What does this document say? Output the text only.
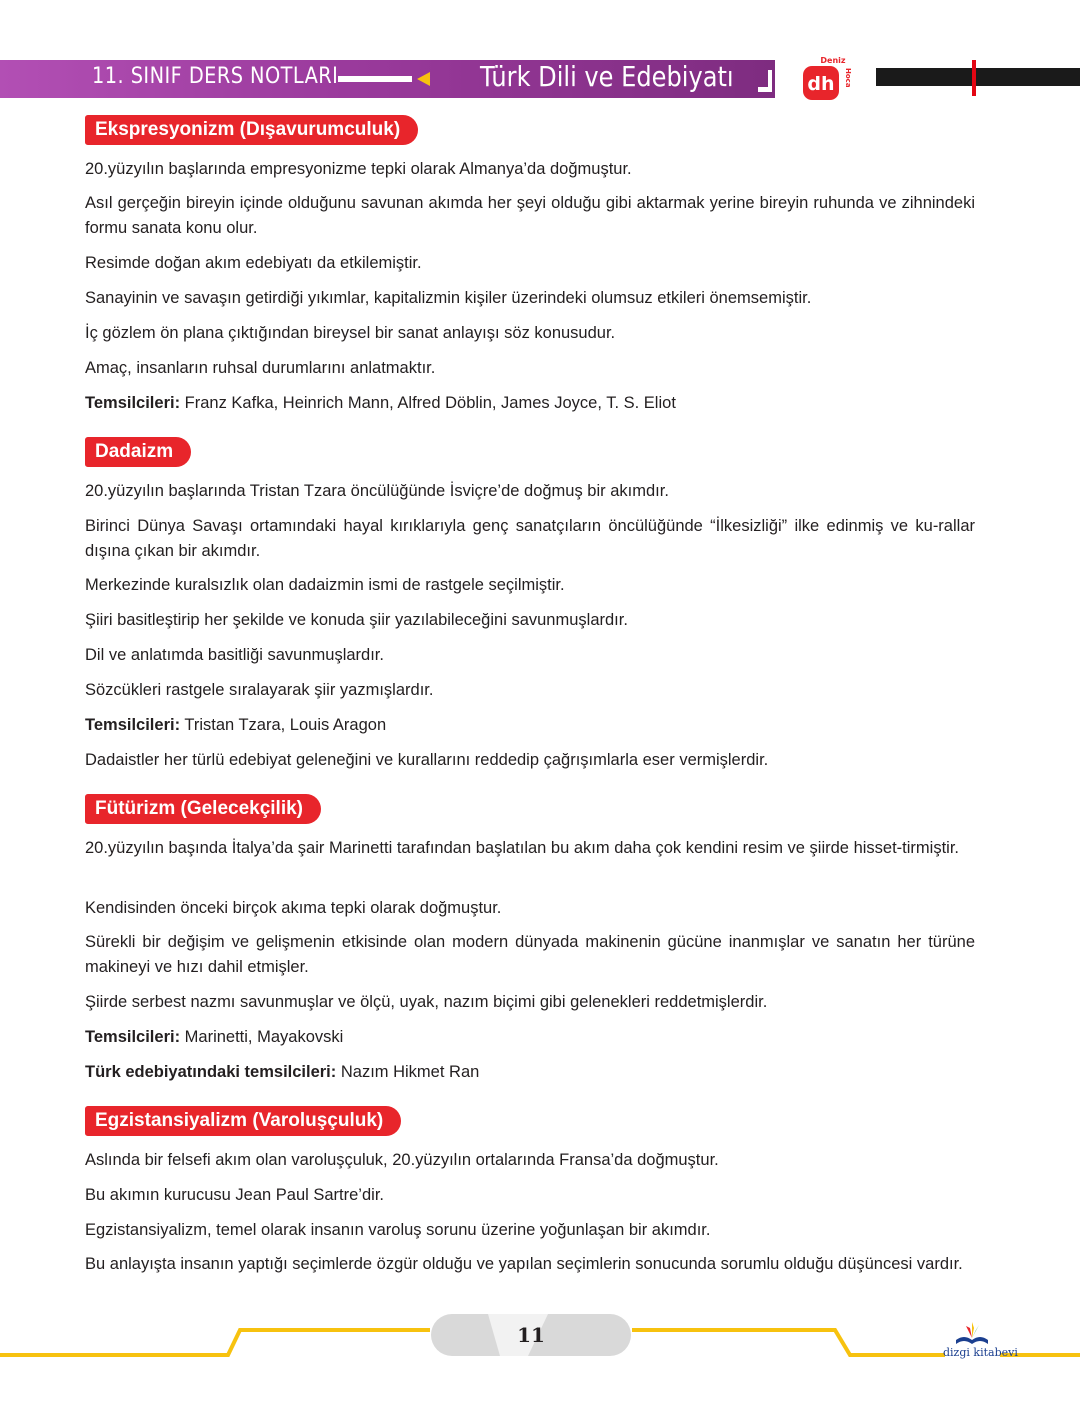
11. SINIF DERS NOTLARI	Türk Dili ve Edebiyatı	dh
Deniz
Hoca
Ekspresyonizm (Dışavurumculuk)
20.yüzyılın başlarında empresyonizme tepki olarak Almanya’da doğmuştur.
Asıl gerçeğin bireyin içinde olduğunu savunan akımda her şeyi olduğu gibi aktarmak yerine bireyin ruhunda ve zihnindeki formu sanata konu olur.
Resimde doğan akım edebiyatı da etkilemiştir.
Sanayinin ve savaşın getirdiği yıkımlar, kapitalizmin kişiler üzerindeki olumsuz etkileri önemsemiştir.
İç gözlem ön plana çıktığından bireysel bir sanat anlayışı söz konusudur.
Amaç, insanların ruhsal durumlarını anlatmaktır.
Temsilcileri: Franz Kafka, Heinrich Mann, Alfred Döblin, James Joyce, T. S. Eliot
Dadaizm
20.yüzyılın başlarında Tristan Tzara öncülüğünde İsviçre’de doğmuş bir akımdır.
Birinci Dünya Savaşı ortamındaki hayal kırıklarıyla genç sanatçıların öncülüğünde “İlkesizliği” ilke edinmiş ve ku-rallar dışına çıkan bir akımdır.
Merkezinde kuralsızlık olan dadaizmin ismi de rastgele seçilmiştir.
Şiiri basitleştirip her şekilde ve konuda şiir yazılabileceğini savunmuşlardır.
Dil ve anlatımda basitliği savunmuşlardır.
Sözcükleri rastgele sıralayarak şiir yazmışlardır.
Temsilcileri: Tristan Tzara, Louis Aragon
Dadaistler her türlü edebiyat geleneğini ve kurallarını reddedip çağrışımlarla eser vermişlerdir.
Fütürizm (Gelecekçilik)
20.yüzyılın başında İtalya’da şair Marinetti tarafından başlatılan bu akım daha çok kendini resim ve şiirde hisset-tirmiştir.
Kendisinden önceki birçok akıma tepki olarak doğmuştur.
Sürekli bir değişim ve gelişmenin etkisinde olan modern dünyada makinenin gücüne inanmışlar ve sanatın her türüne makineyi ve hızı dahil etmişler.
Şiirde serbest nazmı savunmuşlar ve ölçü, uyak, nazım biçimi gibi gelenekleri reddetmişlerdir.
Temsilcileri: Marinetti, Mayakovski
Türk edebiyatındaki temsilcileri: Nazım Hikmet Ran
Egzistansiyalizm (Varoluşçuluk)
Aslında bir felsefi akım olan varoluşçuluk, 20.yüzyılın ortalarında Fransa’da doğmuştur.
Bu akımın kurucusu Jean Paul Sartre’dir.
Egzistansiyalizm, temel olarak insanın varoluş sorunu üzerine yoğunlaşan bir akımdır.
Bu anlayışta insanın yaptığı seçimlerde özgür olduğu ve yapılan seçimlerin sonucunda sorumlu olduğu düşüncesi vardır.
11
dizgi kitabevi
